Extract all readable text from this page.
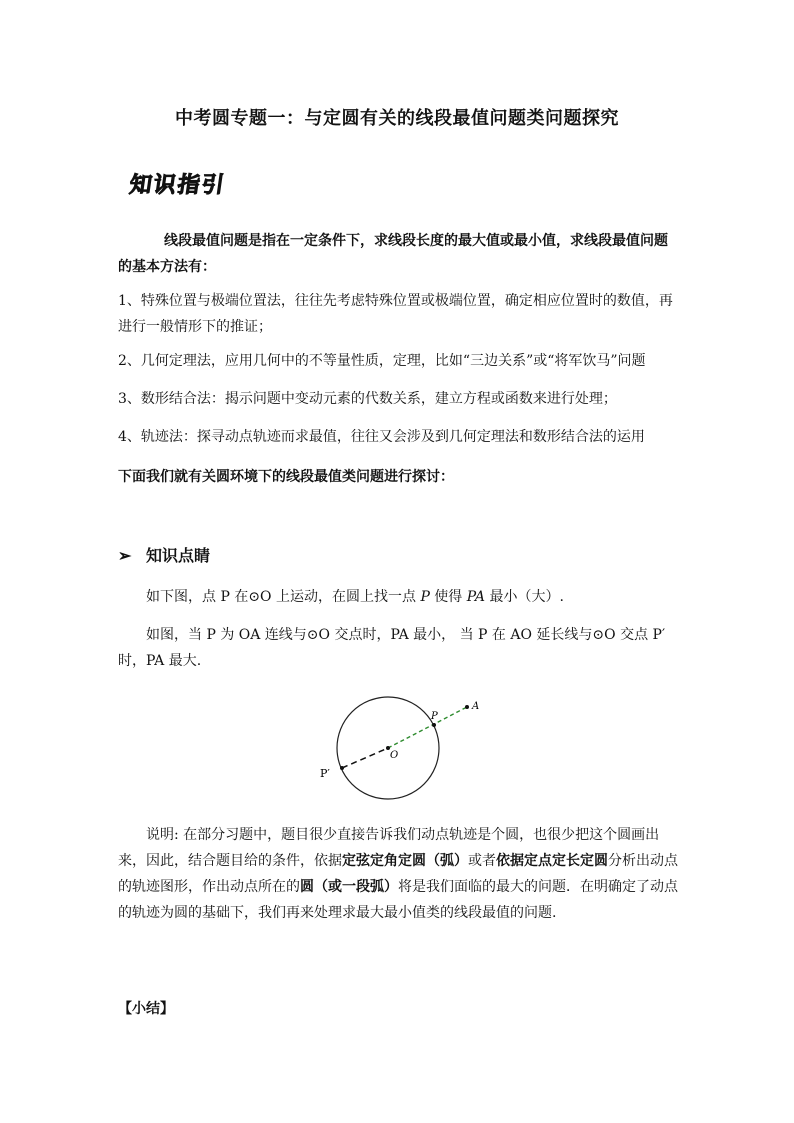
中考圆专题一：与定圆有关的线段最值问题类问题探究
知识指引
线段最值问题是指在一定条件下，求线段长度的最大值或最小值，求线段最值问题的基本方法有：
1、特殊位置与极端位置法，往往先考虑特殊位置或极端位置，确定相应位置时的数值，再进行一般情形下的推证；
2、几何定理法，应用几何中的不等量性质，定理，比如“三边关系”或“将军饮马”问题
3、数形结合法：揭示问题中变动元素的代数关系，建立方程或函数来进行处理；
4、轨迹法：探寻动点轨迹而求最值，往往又会涉及到几何定理法和数形结合法的运用
下面我们就有关圆环境下的线段最值类问题进行探讨：
➢ 知识点睛
如下图，点 P 在⊙O 上运动，在圆上找一点 P 使得 PA 最小（大）.
如图，当 P 为 OA 连线与⊙O 交点时，PA 最小， 当 P 在 AO 延长线与⊙O 交点 P′ 时，PA 最大.
P
A
O
P′
说明: 在部分习题中，题目很少直接告诉我们动点轨迹是个圆，也很少把这个圆画出来，因此，结合题目给的条件，依据定弦定角定圆（弧）或者依据定点定长定圆分析出动点的轨迹图形，作出动点所在的圆（或一段弧）将是我们面临的最大的问题．在明确定了动点的轨迹为圆的基础下，我们再来处理求最大最小值类的线段最值的问题.
【小结】
